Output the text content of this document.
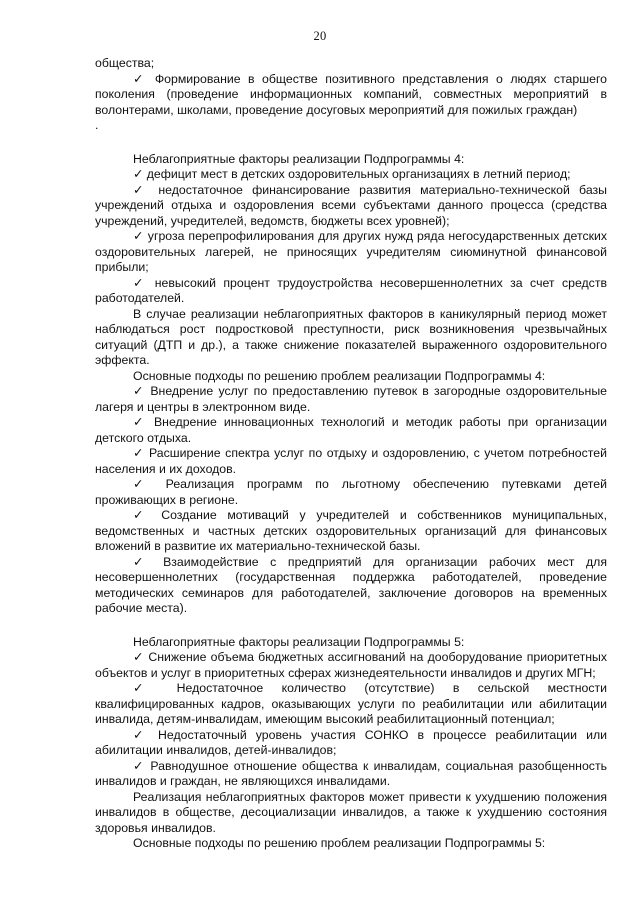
20

общества;

✓ Формирование в обществе позитивного представления о людях старшего поколения (проведение информационных компаний, совместных мероприятий в волонтерами, школами, проведение досуговых мероприятий для пожилых граждан)

.

Неблагоприятные факторы реализации Подпрограммы 4:

✓ дефицит мест в детских оздоровительных организациях в летний период;

✓ недостаточное финансирование развития материально-технической базы учреждений отдыха и оздоровления всеми субъектами данного процесса (средства учреждений, учредителей, ведомств, бюджеты всех уровней);

✓ угроза перепрофилирования для других нужд ряда негосударственных детских оздоровительных лагерей, не приносящих учредителям сиюминутной финансовой прибыли;

✓ невысокий процент трудоустройства несовершеннолетних за счет средств работодателей.

В случае реализации неблагоприятных факторов в каникулярный период может наблюдаться рост подростковой преступности, риск возникновения чрезвычайных ситуаций (ДТП и др.), а также снижение показателей выраженного оздоровительного эффекта.

Основные подходы по решению проблем реализации Подпрограммы 4:

✓ Внедрение услуг по предоставлению путевок в загородные оздоровительные лагеря и центры в электронном виде.

✓ Внедрение инновационных технологий и методик работы при организации детского отдыха.

✓ Расширение спектра услуг по отдыху и оздоровлению, с учетом потребностей населения и их доходов.

✓ Реализация программ по льготному обеспечению путевками детей проживающих в регионе.

✓ Создание мотиваций у учредителей и собственников муниципальных, ведомственных и частных детских оздоровительных организаций для финансовых вложений в развитие их материально-технической базы.

✓ Взаимодействие с предприятий для организации рабочих мест для несовершеннолетних (государственная поддержка работодателей, проведение методических семинаров для работодателей, заключение договоров на временных рабочие места).

Неблагоприятные факторы реализации Подпрограммы 5:

✓ Снижение объема бюджетных ассигнований на дооборудование приоритетных объектов и услуг в приоритетных сферах жизнедеятельности инвалидов и других МГН;

✓ Недостаточное количество (отсутствие) в сельской местности квалифицированных кадров, оказывающих услуги по реабилитации или абилитации инвалида, детям-инвалидам, имеющим высокий реабилитационный потенциал;

✓ Недостаточный уровень участия СОНКО в процессе реабилитации или абилитации инвалидов, детей-инвалидов;

✓ Равнодушное отношение общества к инвалидам, социальная разобщенность инвалидов и граждан, не являющихся инвалидами.

Реализация неблагоприятных факторов может привести к ухудшению положения инвалидов в обществе, десоциализации инвалидов, а также к ухудшению состояния здоровья инвалидов.

Основные подходы по решению проблем реализации Подпрограммы 5:
